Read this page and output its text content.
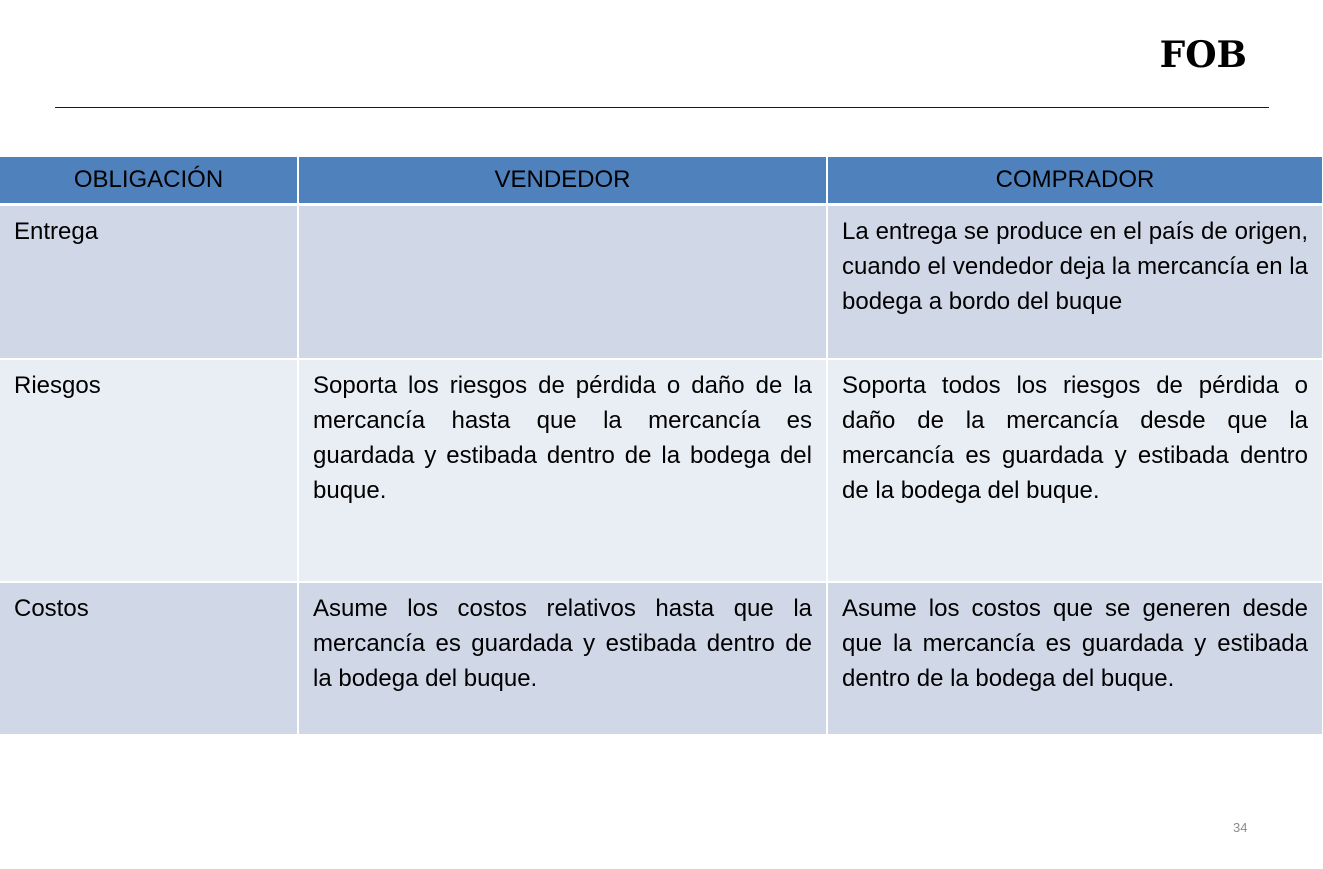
FOB
OBLIGACIÓN	VENDEDOR	COMPRADOR
Entrega		La entrega se produce en el país de origen, cuando el vendedor deja la mercancía en la bodega a bordo del buque
Riesgos	Soporta los riesgos de pérdida o daño de la mercancía hasta que la mercancía es guardada y estibada dentro de la bodega del buque.	Soporta todos los riesgos de pérdida o daño de la mercancía desde que la mercancía es guardada y estibada dentro de la bodega del buque.
Costos	Asume los costos relativos hasta que la mercancía es guardada y estibada dentro de la bodega del buque.	Asume los costos que se generen desde que la mercancía es guardada y estibada dentro de la bodega del buque.
34
